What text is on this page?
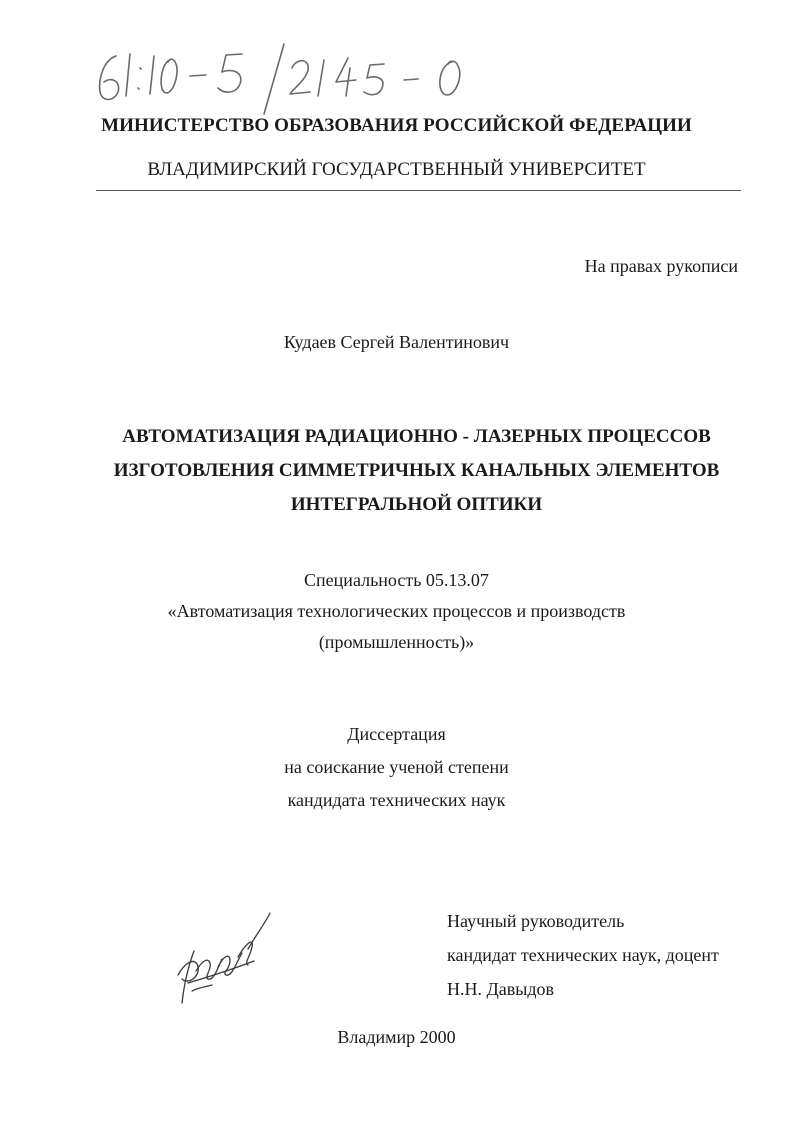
61:10-5/2145-0 МИНИСТЕРСТВО ОБРАЗОВАНИЯ РОССИЙСКОЙ ФЕДЕРАЦИИ
ВЛАДИМИРСКИЙ ГОСУДАРСТВЕННЫЙ УНИВЕРСИТЕТ
На правах рукописи
Кудаев Сергей Валентинович
АВТОМАТИЗАЦИЯ РАДИАЦИОННО - ЛАЗЕРНЫХ ПРОЦЕССОВ
ИЗГОТОВЛЕНИЯ СИММЕТРИЧНЫХ КАНАЛЬНЫХ ЭЛЕМЕНТОВ
ИНТЕГРАЛЬНОЙ ОПТИКИ
Специальность 05.13.07
«Автоматизация технологических процессов и производств
(промышленность)»
Диссертация
на соискание ученой степени
кандидата технических наук
Научный руководитель
кандидат технических наук, доцент
Н.Н. Давыдов
Владимир 2000
